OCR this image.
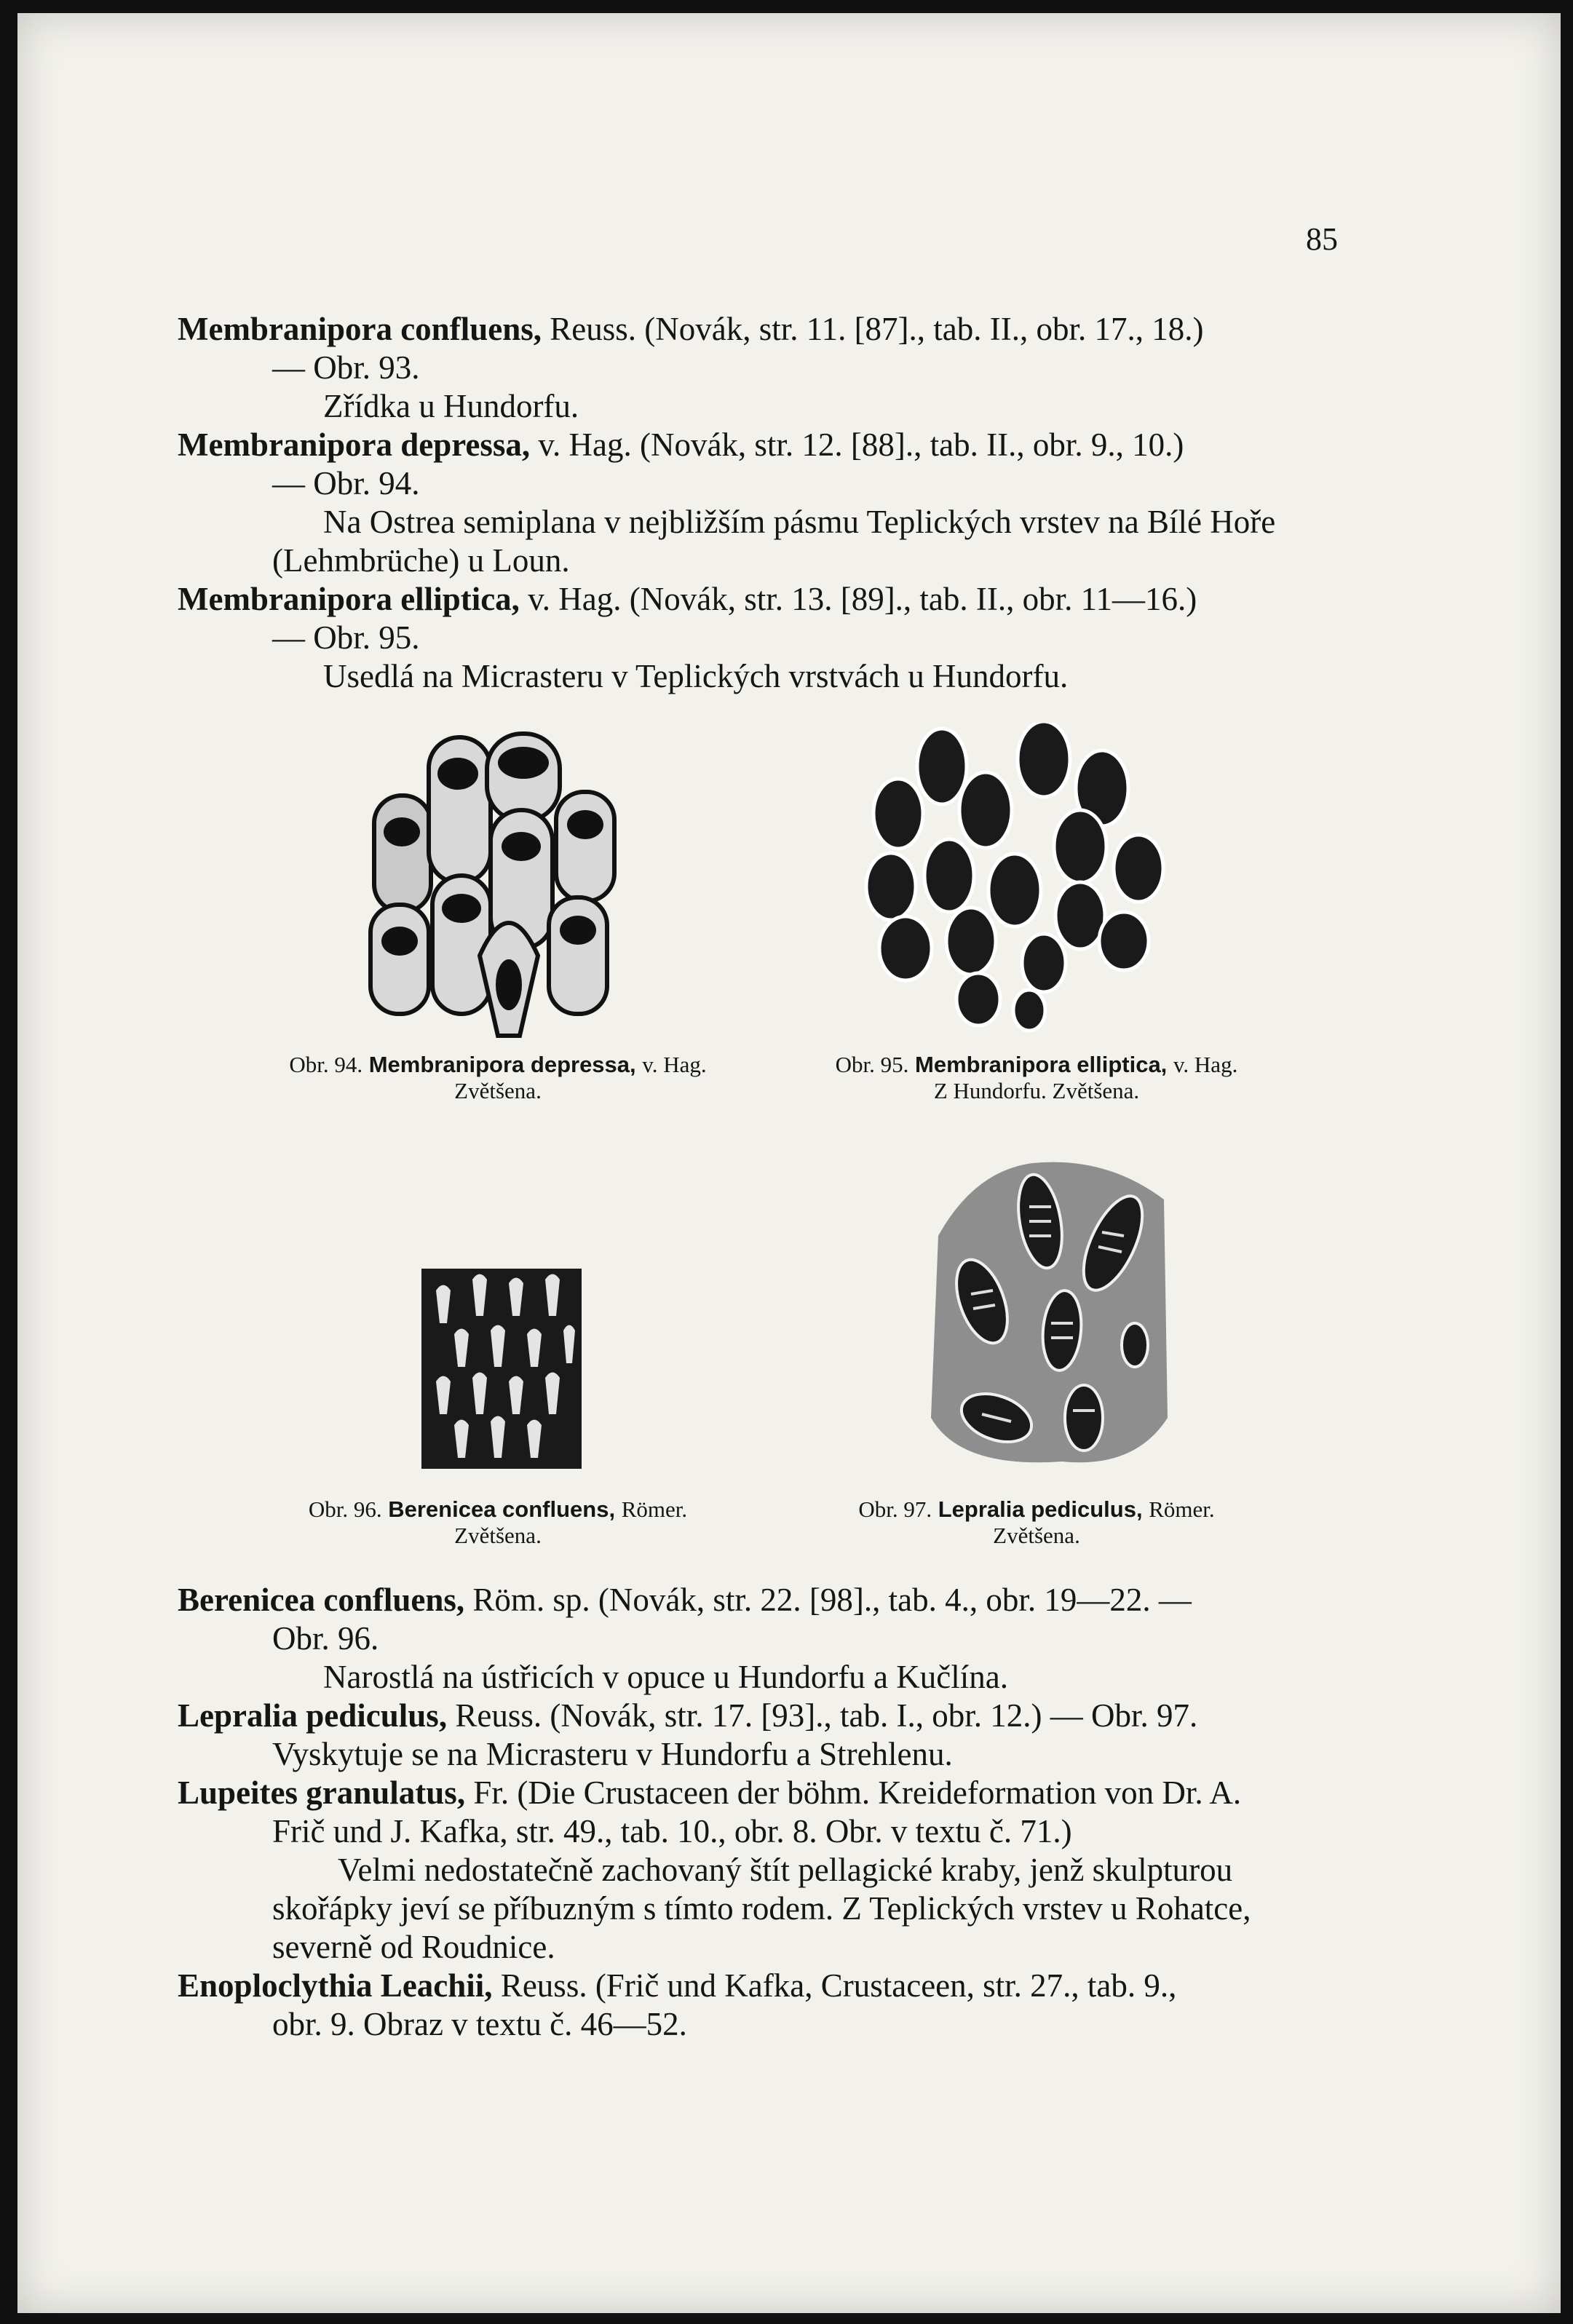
85
Membranipora confluens, Reuss. (Novák, str. 11. [87]., tab. II., obr. 17., 18.)
— Obr. 93.
Zřídka u Hundorfu.
Membranipora depressa, v. Hag. (Novák, str. 12. [88]., tab. II., obr. 9., 10.)
— Obr. 94.
Na Ostrea semiplana v nejbližším pásmu Teplických vrstev na Bílé Hoře
(Lehmbrüche) u Loun.
Membranipora elliptica, v. Hag. (Novák, str. 13. [89]., tab. II., obr. 11—16.)
— Obr. 95.
Usedlá na Micrasteru v Teplických vrstvách u Hundorfu.
Obr. 94. Membranipora depressa, v. Hag.
Zvětšena.
Obr. 95. Membranipora elliptica, v. Hag.
Z Hundorfu. Zvětšena.
Obr. 96. Berenicea confluens, Römer.
Zvětšena.
Obr. 97. Lepralia pediculus, Römer.
Zvětšena.
Berenicea confluens, Röm. sp. (Novák, str. 22. [98]., tab. 4., obr. 19—22. —
Obr. 96.
Narostlá na ústřicích v opuce u Hundorfu a Kučlína.
Lepralia pediculus, Reuss. (Novák, str. 17. [93]., tab. I., obr. 12.) — Obr. 97.
Vyskytuje se na Micrasteru v Hundorfu a Strehlenu.
Lupeites granulatus, Fr. (Die Crustaceen der böhm. Kreideformation von Dr. A.
Frič und J. Kafka, str. 49., tab. 10., obr. 8. Obr. v textu č. 71.)
Velmi nedostatečně zachovaný štít pellagické kraby, jenž skulpturou skořápky jeví se příbuzným s tímto rodem. Z Teplických vrstev u Rohatce, severně od Roudnice.
Enoploclythia Leachii, Reuss. (Frič und Kafka, Crustaceen, str. 27., tab. 9.,
obr. 9. Obraz v textu č. 46—52.
